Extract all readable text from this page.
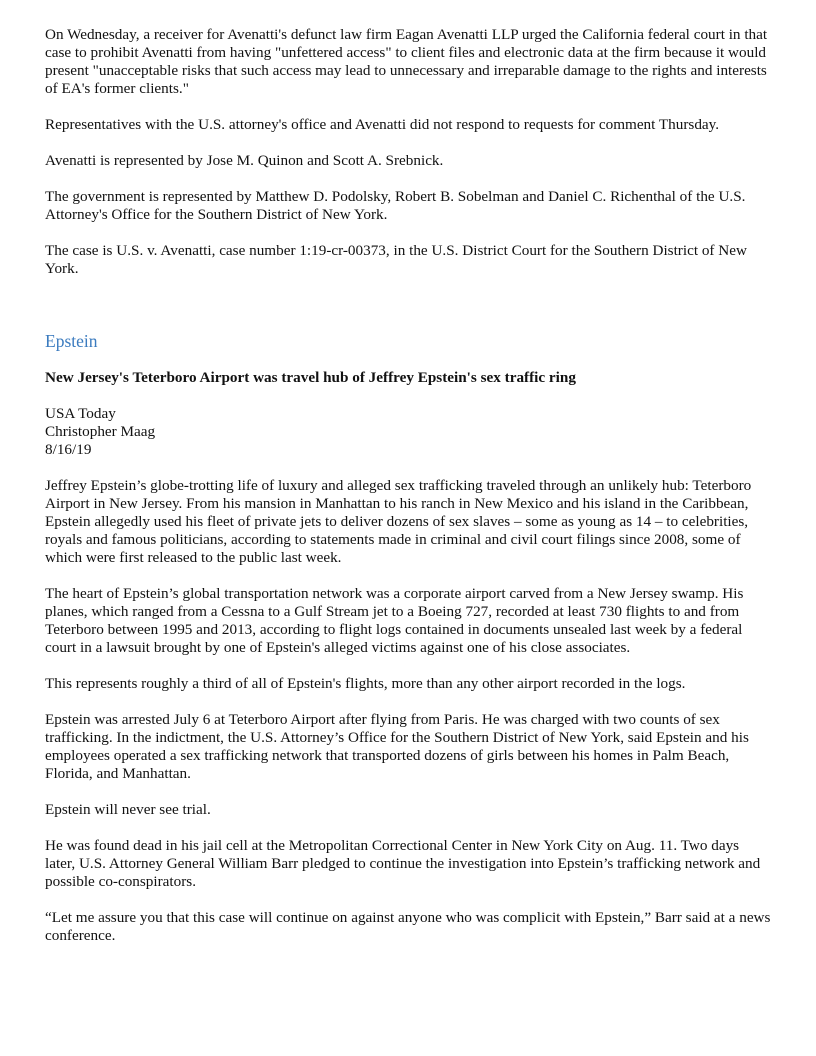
On Wednesday, a receiver for Avenatti's defunct law firm Eagan Avenatti LLP urged the California federal court in that case to prohibit Avenatti from having "unfettered access" to client files and electronic data at the firm because it would present "unacceptable risks that such access may lead to unnecessary and irreparable damage to the rights and interests of EA's former clients."

Representatives with the U.S. attorney's office and Avenatti did not respond to requests for comment Thursday.

Avenatti is represented by Jose M. Quinon and Scott A. Srebnick.

The government is represented by Matthew D. Podolsky, Robert B. Sobelman and Daniel C. Richenthal of the U.S. Attorney's Office for the Southern District of New York.

The case is U.S. v. Avenatti, case number 1:19-cr-00373, in the U.S. District Court for the Southern District of New York.

Epstein

New Jersey's Teterboro Airport was travel hub of Jeffrey Epstein's sex traffic ring

USA Today
Christopher Maag
8/16/19

Jeffrey Epstein’s globe-trotting life of luxury and alleged sex trafficking traveled through an unlikely hub: Teterboro Airport in New Jersey. From his mansion in Manhattan to his ranch in New Mexico and his island in the Caribbean, Epstein allegedly used his fleet of private jets to deliver dozens of sex slaves – some as young as 14 – to celebrities, royals and famous politicians, according to statements made in criminal and civil court filings since 2008, some of which were first released to the public last week.

The heart of Epstein’s global transportation network was a corporate airport carved from a New Jersey swamp. His planes, which ranged from a Cessna to a Gulf Stream jet to a Boeing 727, recorded at least 730 flights to and from Teterboro between 1995 and 2013, according to flight logs contained in documents unsealed last week by a federal court in a lawsuit brought by one of Epstein's alleged victims against one of his close associates.

This represents roughly a third of all of Epstein's flights, more than any other airport recorded in the logs.

Epstein was arrested July 6 at Teterboro Airport after flying from Paris. He was charged with two counts of sex trafficking. In the indictment, the U.S. Attorney’s Office for the Southern District of New York, said Epstein and his employees operated a sex trafficking network that transported dozens of girls between his homes in Palm Beach, Florida, and Manhattan.

Epstein will never see trial.

He was found dead in his jail cell at the Metropolitan Correctional Center in New York City on Aug. 11. Two days later, U.S. Attorney General William Barr pledged to continue the investigation into Epstein’s trafficking network and possible co-conspirators.

“Let me assure you that this case will continue on against anyone who was complicit with Epstein,” Barr said at a news conference.
